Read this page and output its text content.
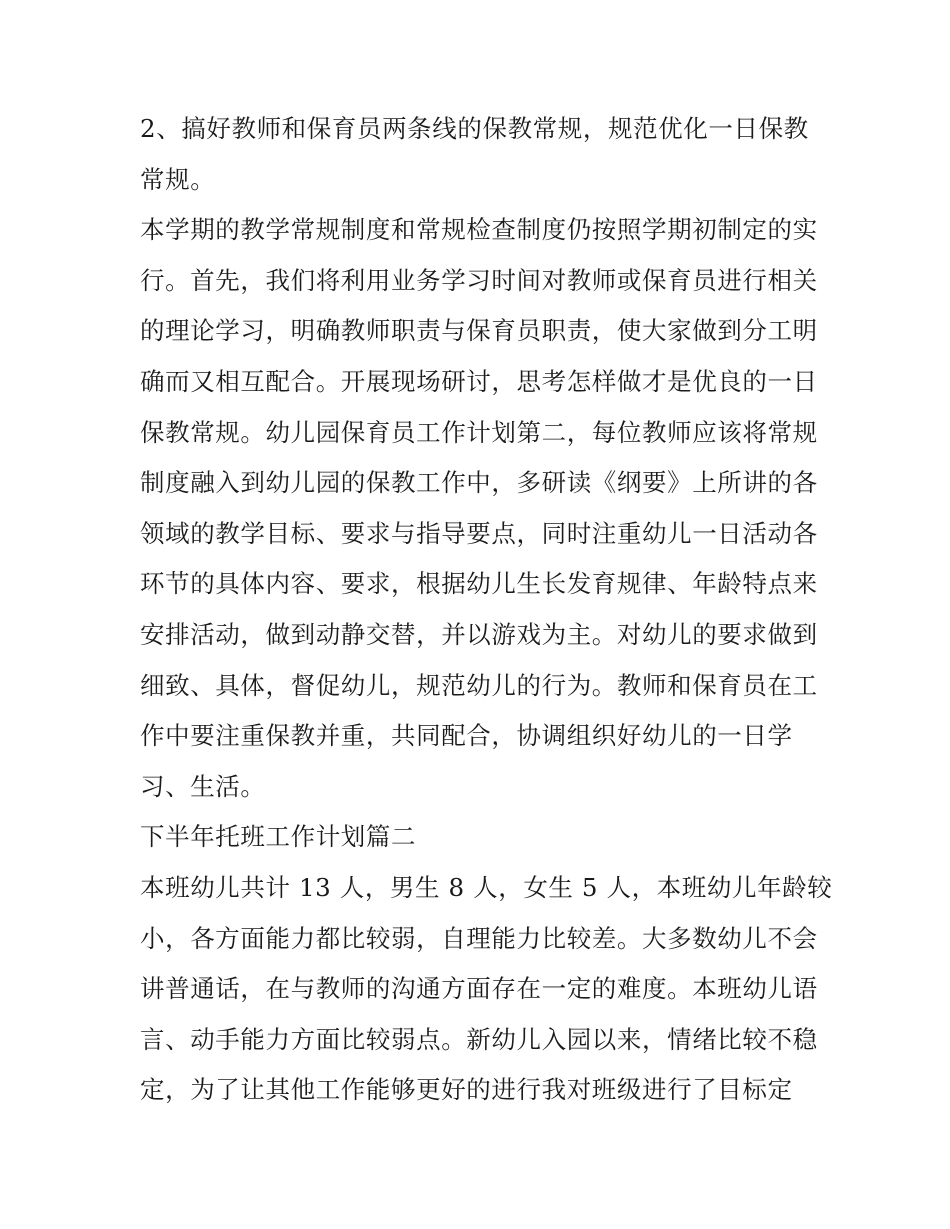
2、搞好教师和保育员两条线的保教常规，规范优化一日保教
常规。
本学期的教学常规制度和常规检查制度仍按照学期初制定的实
行。首先，我们将利用业务学习时间对教师或保育员进行相关
的理论学习，明确教师职责与保育员职责，使大家做到分工明
确而又相互配合。开展现场研讨，思考怎样做才是优良的一日
保教常规。幼儿园保育员工作计划第二，每位教师应该将常规
制度融入到幼儿园的保教工作中，多研读《纲要》上所讲的各
领域的教学目标、要求与指导要点，同时注重幼儿一日活动各
环节的具体内容、要求，根据幼儿生长发育规律、年龄特点来
安排活动，做到动静交替，并以游戏为主。对幼儿的要求做到
细致、具体，督促幼儿，规范幼儿的行为。教师和保育员在工
作中要注重保教并重，共同配合，协调组织好幼儿的一日学
习、生活。
下半年托班工作计划篇二
本班幼儿共计 13 人，男生 8 人，女生 5 人，本班幼儿年龄较
小，各方面能力都比较弱，自理能力比较差。大多数幼儿不会
讲普通话，在与教师的沟通方面存在一定的难度。本班幼儿语
言、动手能力方面比较弱点。新幼儿入园以来，情绪比较不稳
定，为了让其他工作能够更好的进行我对班级进行了目标定
